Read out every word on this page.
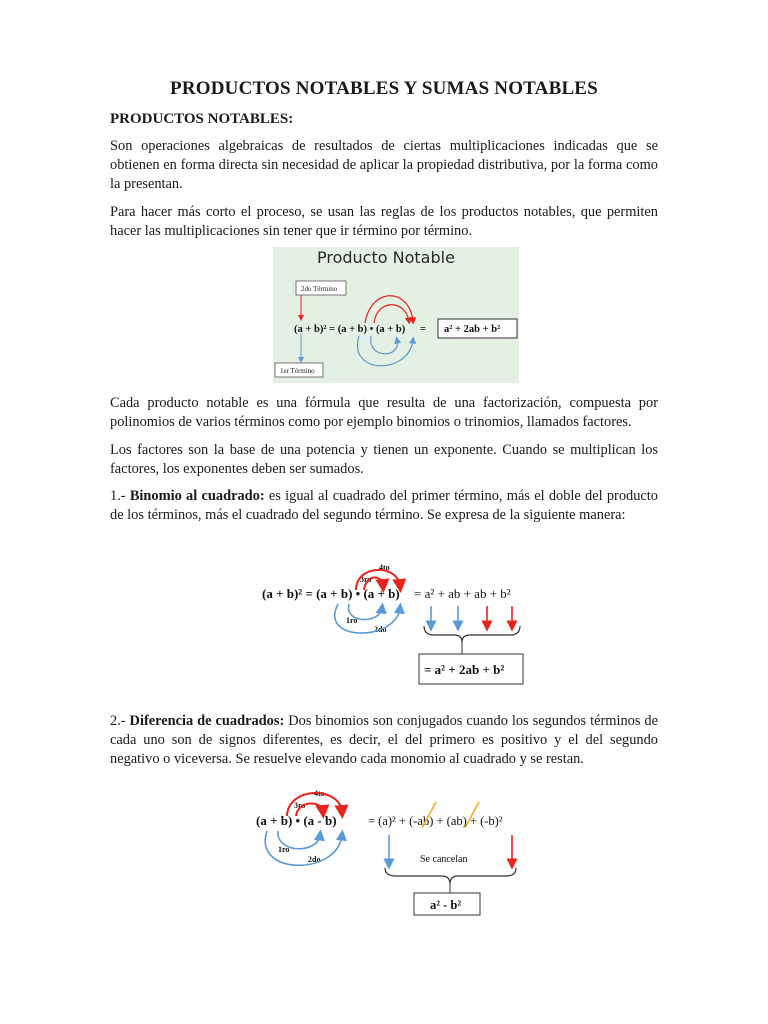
PRODUCTOS NOTABLES Y SUMAS NOTABLES
PRODUCTOS NOTABLES:
Son operaciones algebraicas de resultados de ciertas multiplicaciones indicadas que se obtienen en forma directa sin necesidad de aplicar la propiedad distributiva, por la forma como la presentan.
Para hacer más corto el proceso, se usan las reglas de los productos notables, que permiten hacer las multiplicaciones sin tener que ir término por término.
Producto Notable
2do Término
1er Término
(a + b)² = (a + b) • (a + b) = a² + 2ab + b²
Cada producto notable es una fórmula que resulta de una factorización, compuesta por polinomios de varios términos como por ejemplo binomios o trinomios, llamados factores.
Los factores son la base de una potencia y tienen un exponente. Cuando se multiplican los factores, los exponentes deben ser sumados.
1.- Binomio al cuadrado: es igual al cuadrado del primer término, más el doble del producto de los términos, más el cuadrado del segundo término. Se expresa de la siguiente manera:
(a + b)² = (a + b) • (a + b) = a² + ab + ab + b²
4to
3ro
1ro
2do
= a² + 2ab + b²
2.- Diferencia de cuadrados: Dos binomios son conjugados cuando los segundos términos de cada uno son de signos diferentes, es decir, el del primero es positivo y el del segundo negativo o viceversa. Se resuelve elevando cada monomio al cuadrado y se restan.
(a + b) • (a - b)	= (a)² + (-ab) + (ab) + (-b)²
4to
3ro
1ro
2do	Se cancelan
a² - b²
